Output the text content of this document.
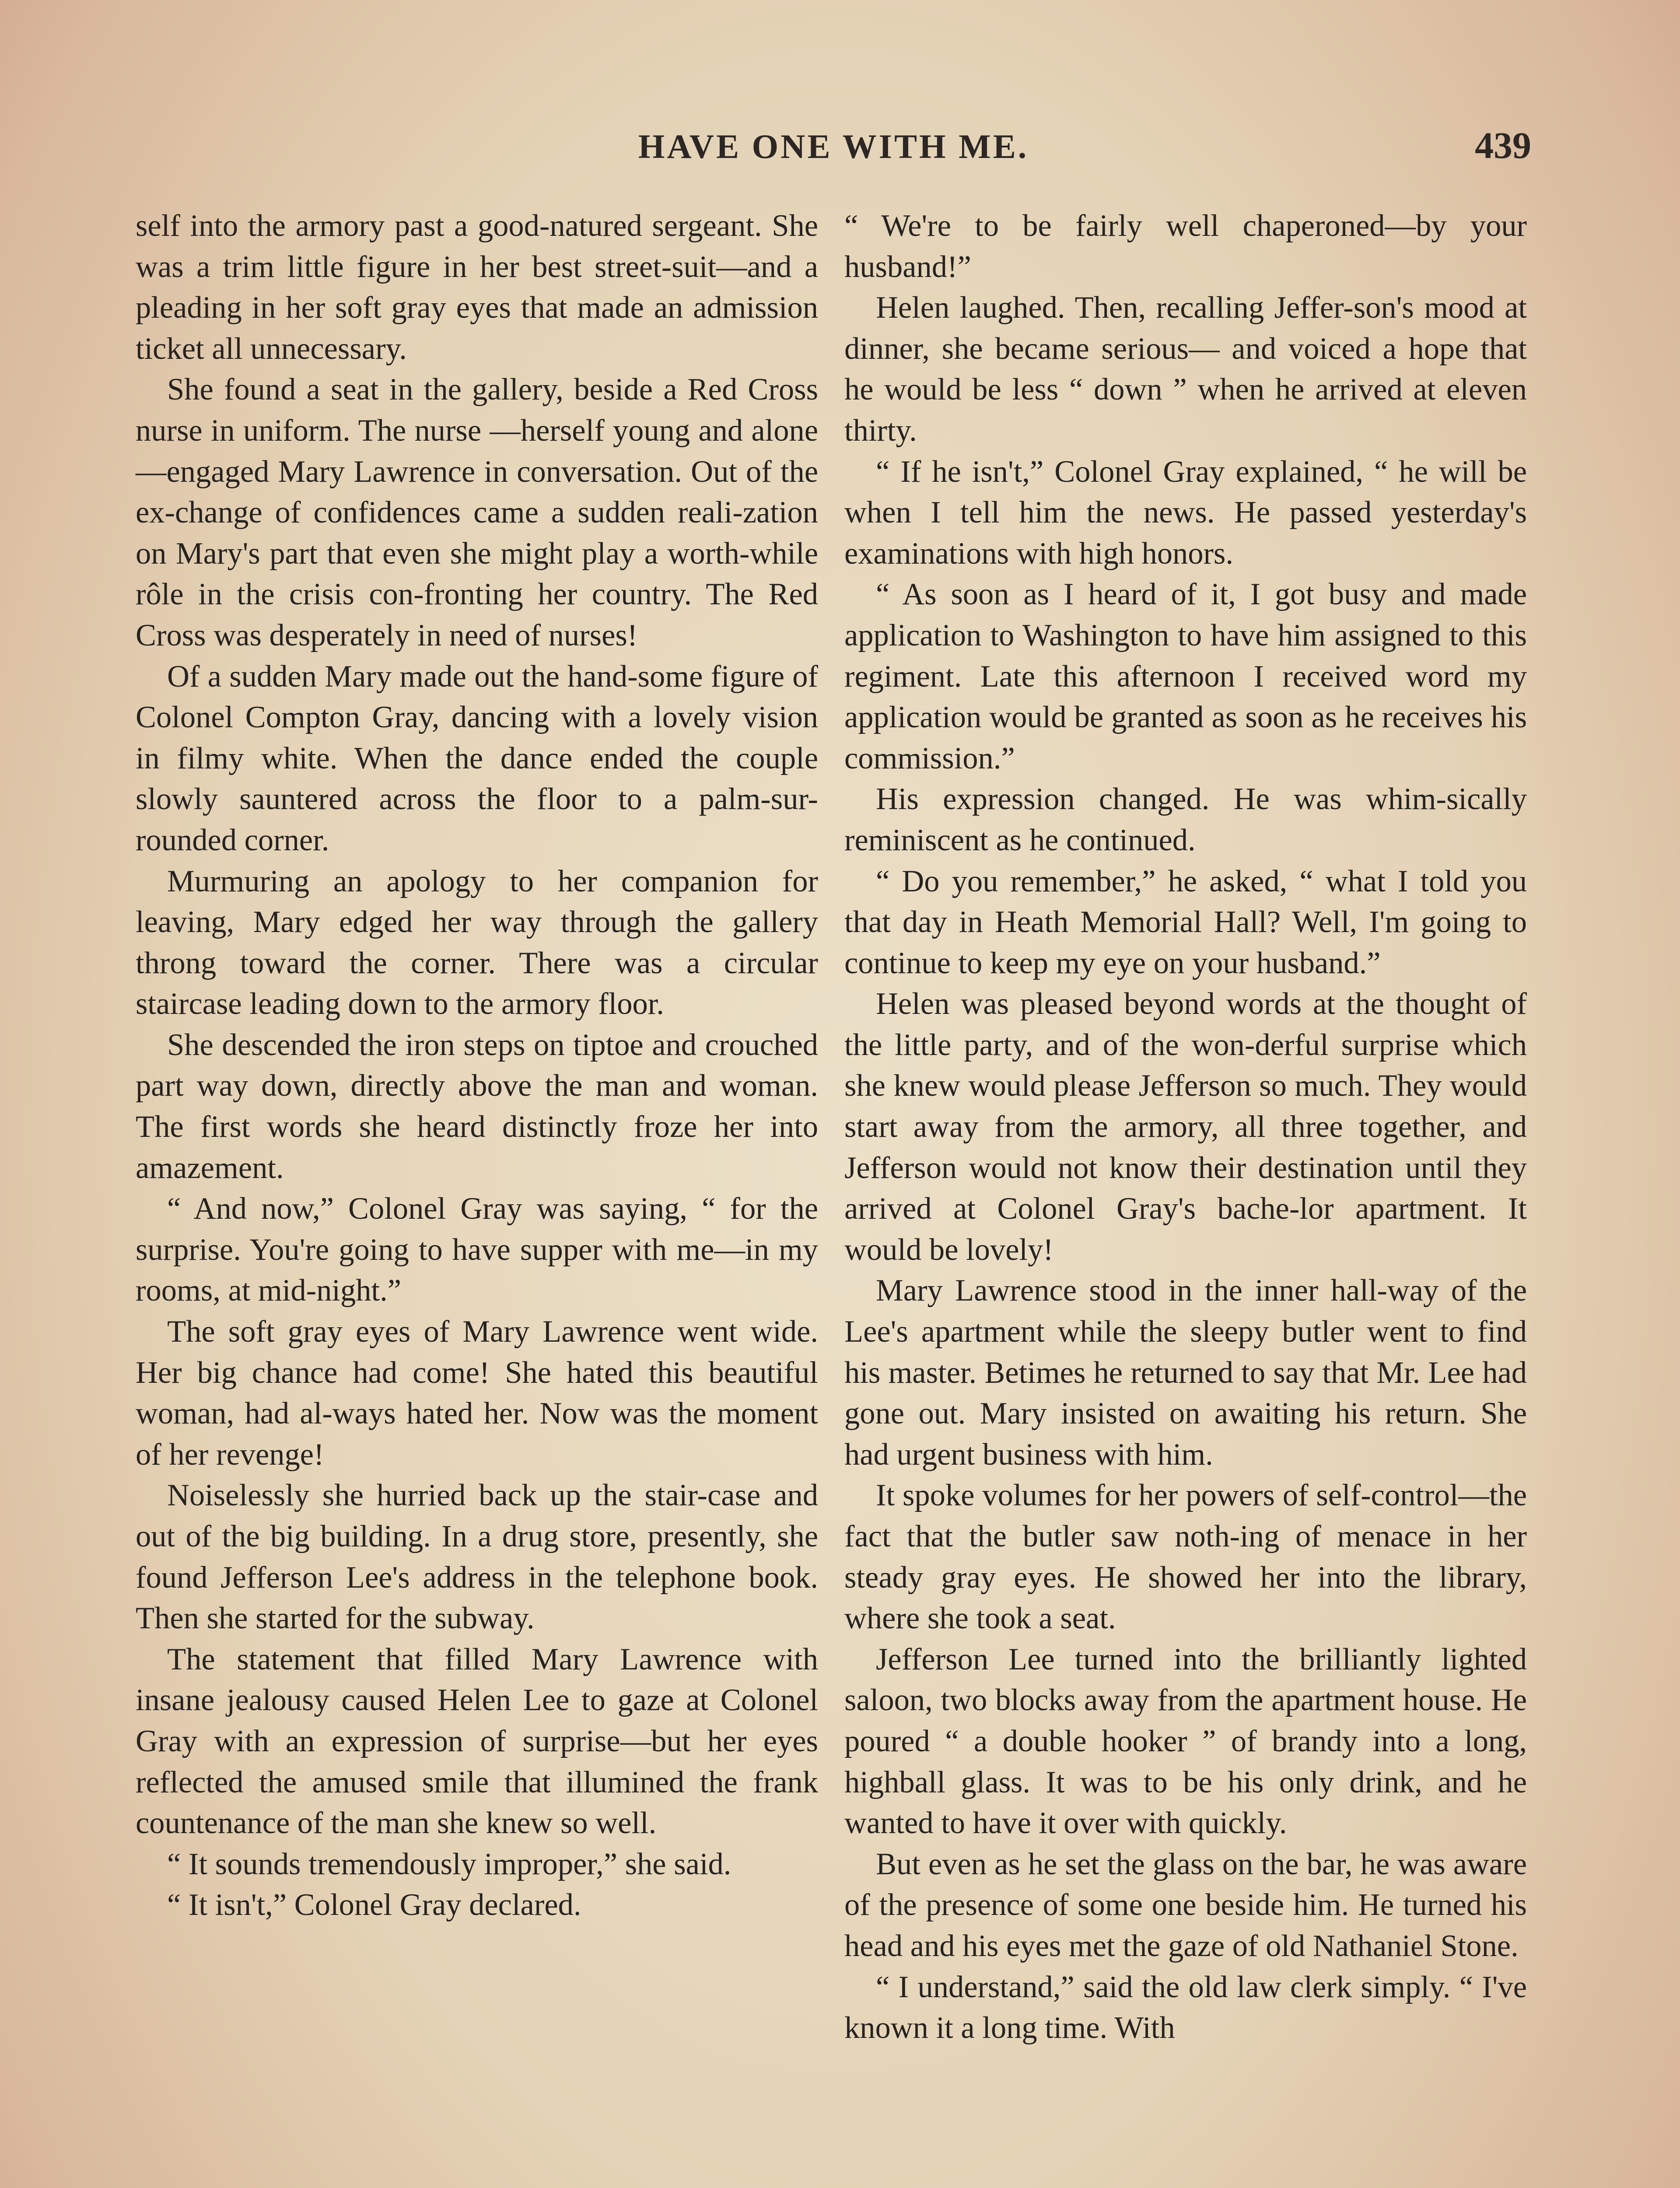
HAVE ONE WITH ME.	439

self into the armory past a good-natured sergeant. She was a trim little figure in her best street-suit—and a pleading in her soft gray eyes that made an admission ticket all unnecessary.

She found a seat in the gallery, beside a Red Cross nurse in uniform. The nurse —herself young and alone—engaged Mary Lawrence in conversation. Out of the ex-change of confidences came a sudden reali-zation on Mary's part that even she might play a worth-while rôle in the crisis con-fronting her country. The Red Cross was desperately in need of nurses!

Of a sudden Mary made out the hand-some figure of Colonel Compton Gray, dancing with a lovely vision in filmy white. When the dance ended the couple slowly sauntered across the floor to a palm-sur-rounded corner.

Murmuring an apology to her companion for leaving, Mary edged her way through the gallery throng toward the corner. There was a circular staircase leading down to the armory floor.

She descended the iron steps on tiptoe and crouched part way down, directly above the man and woman. The first words she heard distinctly froze her into amazement.

“ And now,” Colonel Gray was saying, “ for the surprise. You're going to have supper with me—in my rooms, at mid-night.”

The soft gray eyes of Mary Lawrence went wide. Her big chance had come! She hated this beautiful woman, had al-ways hated her. Now was the moment of her revenge!

Noiselessly she hurried back up the stair-case and out of the big building. In a drug store, presently, she found Jefferson Lee's address in the telephone book. Then she started for the subway.

The statement that filled Mary Lawrence with insane jealousy caused Helen Lee to gaze at Colonel Gray with an expression of surprise—but her eyes reflected the amused smile that illumined the frank countenance of the man she knew so well.

“ It sounds tremendously improper,” she said.

“ It isn't,” Colonel Gray declared.

“ We're to be fairly well chaperoned—by your husband!”

Helen laughed. Then, recalling Jeffer-son's mood at dinner, she became serious— and voiced a hope that he would be less “ down ” when he arrived at eleven thirty.

“ If he isn't,” Colonel Gray explained, “ he will be when I tell him the news. He passed yesterday's examinations with high honors.

“ As soon as I heard of it, I got busy and made application to Washington to have him assigned to this regiment. Late this afternoon I received word my application would be granted as soon as he receives his commission.”

His expression changed. He was whim-sically reminiscent as he continued.

“ Do you remember,” he asked, “ what I told you that day in Heath Memorial Hall? Well, I'm going to continue to keep my eye on your husband.”

Helen was pleased beyond words at the thought of the little party, and of the won-derful surprise which she knew would please Jefferson so much. They would start away from the armory, all three together, and Jefferson would not know their destination until they arrived at Colonel Gray's bache-lor apartment. It would be lovely!

Mary Lawrence stood in the inner hall-way of the Lee's apartment while the sleepy butler went to find his master. Betimes he returned to say that Mr. Lee had gone out. Mary insisted on awaiting his return. She had urgent business with him.

It spoke volumes for her powers of self-control—the fact that the butler saw noth-ing of menace in her steady gray eyes. He showed her into the library, where she took a seat.

Jefferson Lee turned into the brilliantly lighted saloon, two blocks away from the apartment house. He poured “ a double hooker ” of brandy into a long, highball glass. It was to be his only drink, and he wanted to have it over with quickly.

But even as he set the glass on the bar, he was aware of the presence of some one beside him. He turned his head and his eyes met the gaze of old Nathaniel Stone.

“ I understand,” said the old law clerk simply. “ I've known it a long time. With
